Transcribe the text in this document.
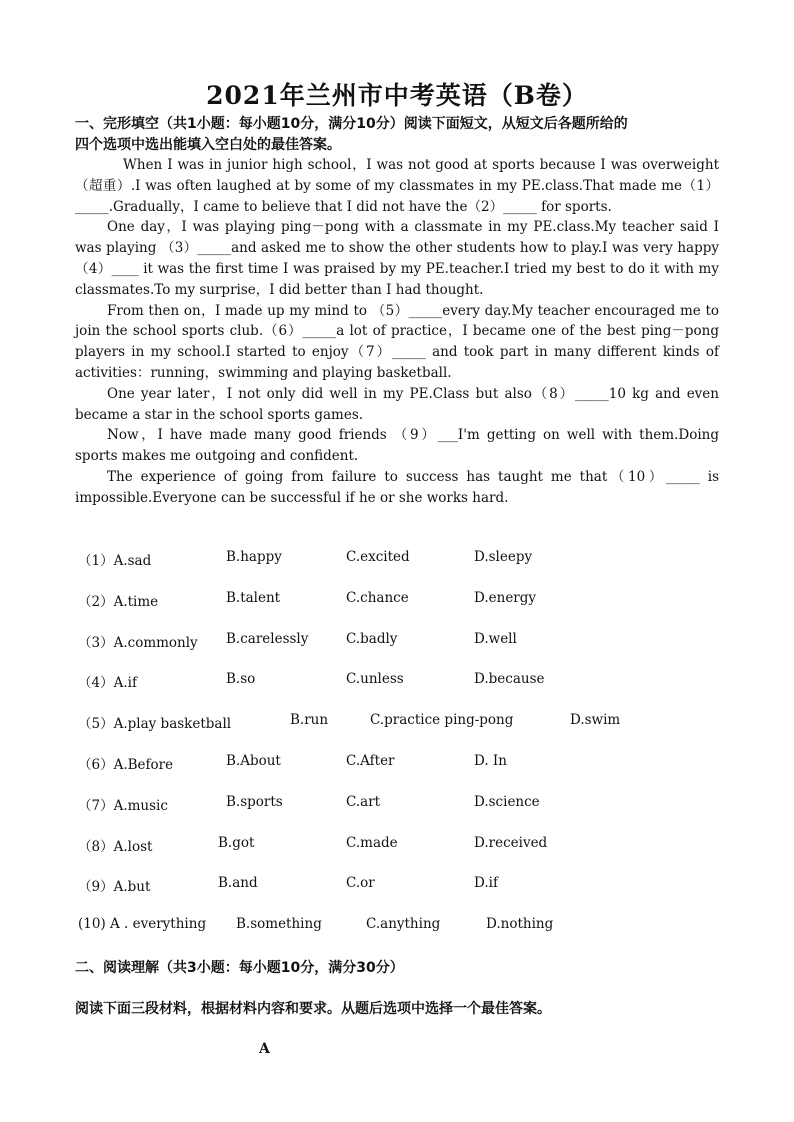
2021年兰州市中考英语（B卷）
一、完形填空（共1小题：每小题10分，满分10分）阅读下面短文，从短文后各题所给的
四个选项中选出能填入空白处的最佳答案。

When I was in junior high school，I was not good at sports because I was overweight （超重）.I was often laughed at by some of my classmates in my PE.class.That made me（1）_____.Gradually，I came to believe that I did not have the（2）_____ for sports.

One day，I was playing ping－pong with a classmate in my PE.class.My teacher said I was playing （3）_____and asked me to show the other students how to play.I was very happy （4）____ it was the first time I was praised by my PE.teacher.I tried my best to do it with my classmates.To my surprise，I did better than I had thought.

From then on，I made up my mind to （5）_____every day.My teacher encouraged me to join the school sports club.（6）_____a lot of practice，I became one of the best ping－pong players in my school.I started to enjoy（7）_____ and took part in many different kinds of activities：running，swimming and playing basketball.

One year later，I not only did well in my PE.Class but also（8）_____10 kg and even became a star in the school sports games.

Now，I have made many good friends （9）___I'm getting on well with them.Doing sports makes me outgoing and confident.

The experience of going from failure to success has taught me that（10）_____ is impossible.Everyone can be successful if he or she works hard.

（1）A.sad	B.happy	C.excited	D.sleepy
（2）A.time	B.talent	C.chance	D.energy
（3）A.commonly B.carelessly	C.badly	D.well
（4）A.if	B.so	C.unless	D.because
（5）A.play basketball	B.run	C.practice ping-pong	D.swim
（6）A.Before	B.About	C.After	D. In
（7）A.music	B.sports	C.art	D.science
（8）A.lost	B.got	C.made	D.received
（9）A.but	B.and	C.or	D.if
(10) A . everything B.something	C.anything	D.nothing
二、阅读理解（共3小题：每小题10分，满分30分）
阅读下面三段材料，根据材料内容和要求。从题后选项中选择一个最佳答案。
A
